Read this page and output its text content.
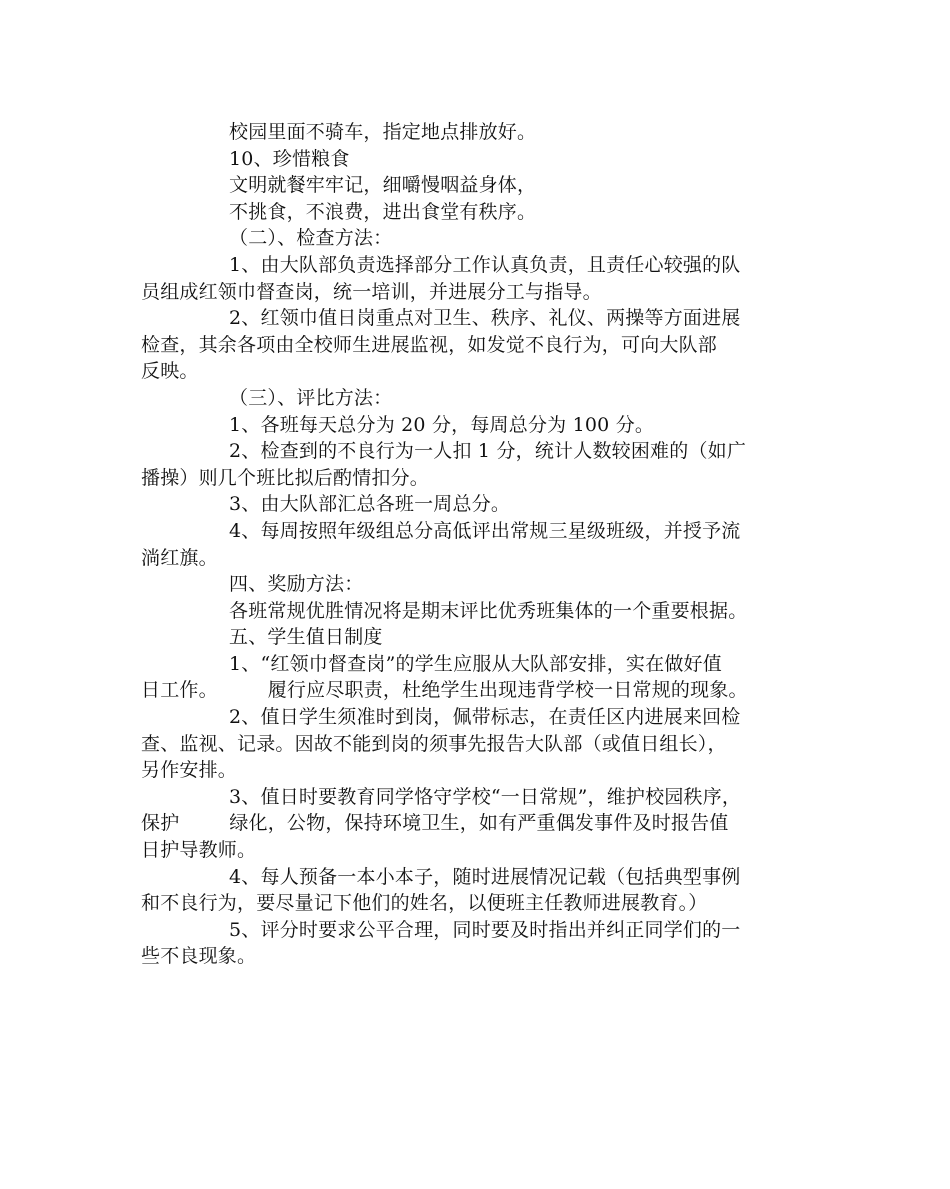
校园里面不骑车，指定地点排放好。
10、珍惜粮食
文明就餐牢牢记，细嚼慢咽益身体，
不挑食，不浪费，进出食堂有秩序。
（二）、检查方法：
1、由大队部负责选择部分工作认真负责，且责任心较强的队
员组成红领巾督查岗，统一培训，并进展分工与指导。
2、红领巾值日岗重点对卫生、秩序、礼仪、两操等方面进展
检查，其余各项由全校师生进展监视，如发觉不良行为，可向大队部
反映。
（三）、评比方法：
1、各班每天总分为 20 分，每周总分为 100 分。
2、检查到的不良行为一人扣 1 分，统计人数较困难的（如广
播操）则几个班比拟后酌情扣分。
3、由大队部汇总各班一周总分。
4、每周按照年级组总分高低评出常规三星级班级，并授予流
淌红旗。
四、奖励方法：
各班常规优胜情况将是期末评比优秀班集体的一个重要根据。
五、学生值日制度
1、“红领巾督查岗”的学生应服从大队部安排，实在做好值
日工作。        履行应尽职责，杜绝学生出现违背学校一日常规的现象。
2、值日学生须准时到岗，佩带标志，在责任区内进展来回检
查、监视、记录。因故不能到岗的须事先报告大队部（或值日组长），
另作安排。
3、值日时要教育同学恪守学校“一日常规”，维护校园秩序，
保护        绿化，公物，保持环境卫生，如有严重偶发事件及时报告值
日护导教师。
4、每人预备一本小本子，随时进展情况记载（包括典型事例
和不良行为，要尽量记下他们的姓名，以便班主任教师进展教育。）
5、评分时要求公平合理，同时要及时指出并纠正同学们的一
些不良现象。
